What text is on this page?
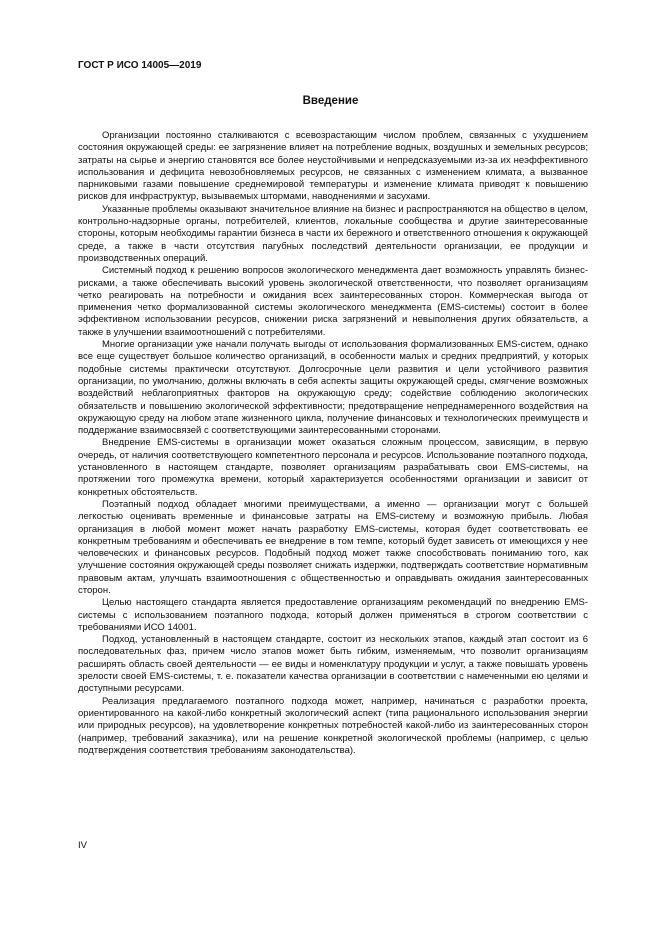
ГОСТ Р ИСО 14005—2019
Введение

Организации постоянно сталкиваются с всевозрастающим числом проблем, связанных с ухудшением состояния окружающей среды: ее загрязнение влияет на потребление водных, воздушных и земельных ресурсов; затраты на сырье и энергию становятся все более неустойчивыми и непредсказуемыми из-за их неэффективного использования и дефицита невозобновляемых ресурсов, не связанных с изменением климата, а вызванное парниковыми газами повышение среднемировой температуры и изменение климата приводят к повышению рисков для инфраструктур, вызываемых штормами, наводнениями и засухами.

Указанные проблемы оказывают значительное влияние на бизнес и распространяются на общество в целом, контрольно-надзорные органы, потребителей, клиентов, локальные сообщества и другие заинтересованные стороны, которым необходимы гарантии бизнеса в части их бережного и ответственного отношения к окружающей среде, а также в части отсутствия пагубных последствий деятельности организации, ее продукции и производственных операций.

Системный подход к решению вопросов экологического менеджмента дает возможность управлять бизнес-рисками, а также обеспечивать высокий уровень экологической ответственности, что позволяет организациям четко реагировать на потребности и ожидания всех заинтересованных сторон. Коммерческая выгода от применения четко формализованной системы экологического менеджмента (EMS-системы) состоит в более эффективном использовании ресурсов, снижении риска загрязнений и невыполнения других обязательств, а также в улучшении взаимоотношений с потребителями.

Многие организации уже начали получать выгоды от использования формализованных EMS-систем, однако все еще существует большое количество организаций, в особенности малых и средних предприятий, у которых подобные системы практически отсутствуют. Долгосрочные цели развития и цели устойчивого развития организации, по умолчанию, должны включать в себя аспекты защиты окружающей среды, смягчение возможных воздействий неблагоприятных факторов на окружающую среду; содействие соблюдению экологических обязательств и повышению экологической эффективности; предотвращение непреднамеренного воздействия на окружающую среду на любом этапе жизненного цикла, получение финансовых и технологических преимуществ и поддержание взаимосвязей с соответствующими заинтересованными сторонами.

Внедрение EMS-системы в организации может оказаться сложным процессом, зависящим, в первую очередь, от наличия соответствующего компетентного персонала и ресурсов. Использование поэтапного подхода, установленного в настоящем стандарте, позволяет организациям разрабатывать свои EMS-системы, на протяжении того промежутка времени, который характеризуется особенностями организации и зависит от конкретных обстоятельств.

Поэтапный подход обладает многими преимуществами, а именно — организации могут с большей легкостью оценивать временные и финансовые затраты на EMS-систему и возможную прибыль. Любая организация в любой момент может начать разработку EMS-системы, которая будет соответствовать ее конкретным требованиям и обеспечивать ее внедрение в том темпе, который будет зависеть от имеющихся у нее человеческих и финансовых ресурсов. Подобный подход может также способствовать пониманию того, как улучшение состояния окружающей среды позволяет снижать издержки, подтверждать соответствие нормативным правовым актам, улучшать взаимоотношения с общественностью и оправдывать ожидания заинтересованных сторон.

Целью настоящего стандарта является предоставление организациям рекомендаций по внедрению EMS-системы с использованием поэтапного подхода, который должен применяться в строгом соответствии с требованиями ИСО 14001.

Подход, установленный в настоящем стандарте, состоит из нескольких этапов, каждый этап состоит из 6 последовательных фаз, причем число этапов может быть гибким, изменяемым, что позволит организациям расширять область своей деятельности — ее виды и номенклатуру продукции и услуг, а также повышать уровень зрелости своей EMS-системы, т. е. показатели качества организации в соответствии с намеченными ею целями и доступными ресурсами.

Реализация предлагаемого поэтапного подхода может, например, начинаться с разработки проекта, ориентированного на какой-либо конкретный экологический аспект (типа рационального использования энергии или природных ресурсов), на удовлетворение конкретных потребностей какой-либо из заинтересованных сторон (например, требований заказчика), или на решение конкретной экологической проблемы (например, с целью подтверждения соответствия требованиям законодательства).

IV
